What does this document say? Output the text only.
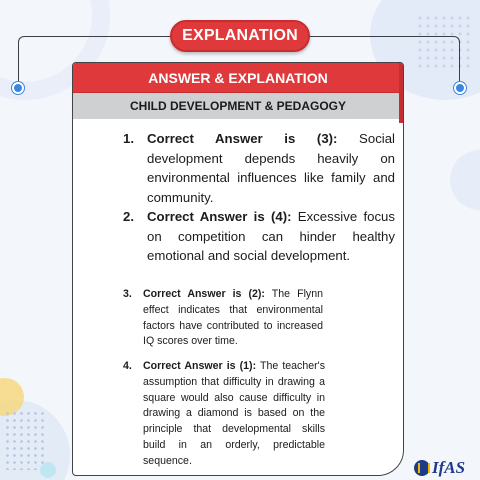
ANSWER & EXPLANATION
CHILD DEVELOPMENT & PEDAGOGY
1. Correct Answer is (3): Social development depends heavily on environmental influences like family and community.

2. Correct Answer is (4): Excessive focus on competition can hinder healthy emotional and social development.

3.	Correct Answer is (2): The Flynn effect indicates that environmental factors have contributed to increased IQ scores over time.

4.	Correct Answer is (1): The teacher's assumption that difficulty in drawing a square would also cause difficulty in drawing a diamond is based on the principle that developmental skills build in an orderly, predictable sequence.

EXPLANATION
IfAS
